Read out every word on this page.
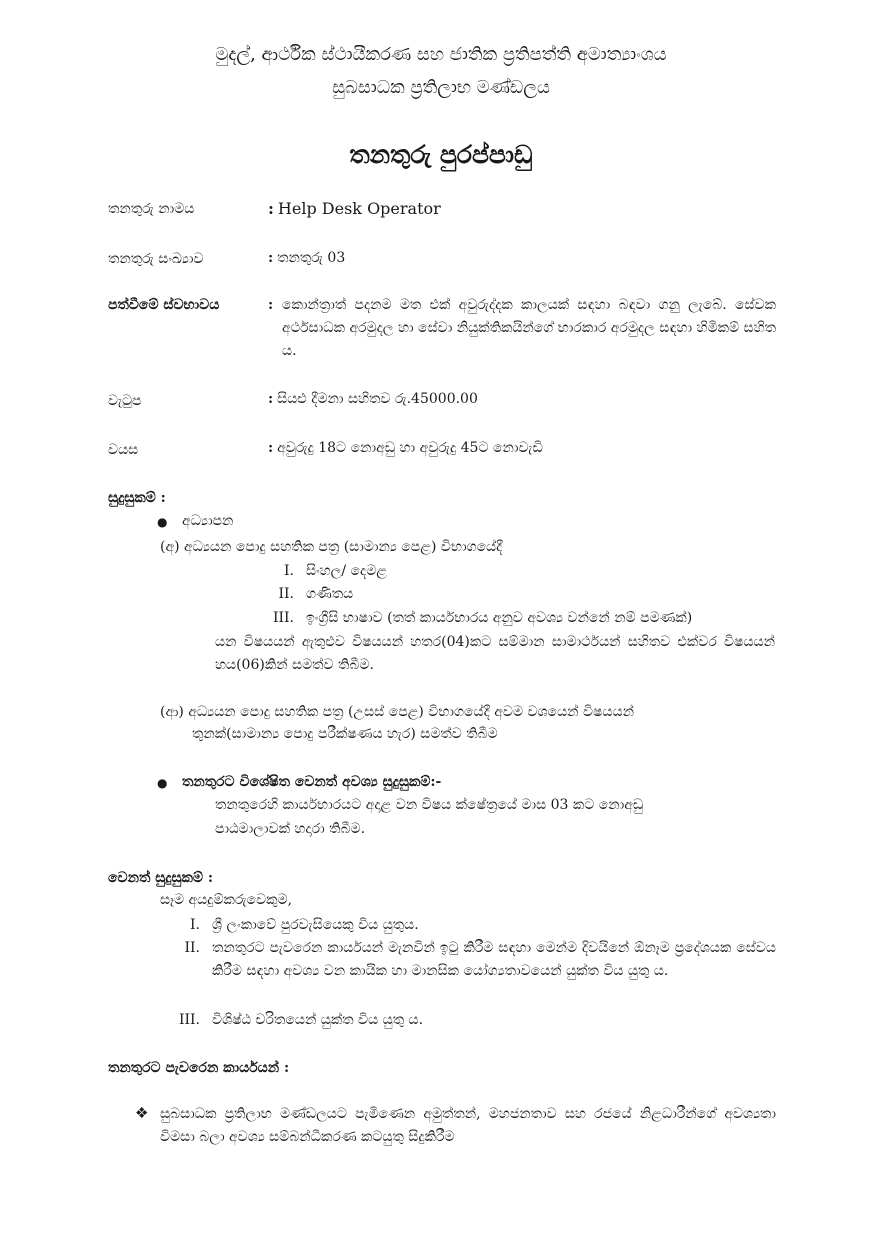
මුදල්, ආර්ථික ස්ථායීකරණ සහ ජාතික ප්‍රතිපත්ති අමාත්‍යාංශය
සුබසාධක ප්‍රතිලාභ මණ්ඩලය
තනතුරු පුරප්පාඩු
තනතුරු නාමය	: Help Desk Operator
තනතුරු සංඛ්‍යාව	: තනතුරු 03
පත්වීමේ ස්වභාවය	: කොන්ත්‍රාත් පදනම මත එක් අවුරුද්දක කාලයක් සඳහා බඳවා ගනු ලැබේ. සේවක අර්ථසාධක අරමුදල හා සේවා නියුක්තිකයින්ගේ භාරකාර අරමුදල සඳහා හිමිකම් සහිත ය.
වැටුප	: සියළු දීමනා සහිතව රු.45000.00
වයස	: අවුරුදු 18ට නොඅඩු හා අවුරුදු 45ට නොවැඩි
සුදුසුකම් :
● අධ්‍යාපන
(අ) අධ්‍යයන පොදු සහතික පත්‍ර (සාමාන්‍ය පෙළ) විභාගයේදී
I. සිංහල/ දෙමළ
II. ගණිතය
III. ඉංග්‍රීසි භාෂාව (තත් කාර්යභාරය අනුව අවශ්‍ය වන්නේ නම් පමණක්)
යන විෂයයන් ඇතුළුව විෂයයන් හතර(04)කට සම්මාන සාමාර්ථයන් සහිතව එක්වර විෂයයන් හය(06)කින් සමත්ව තිබීම.
(ආ) අධ්‍යයන පොදු සහතික පත්‍ර (උසස් පෙළ) විභාගයේදී අවම වශයෙන් විෂයයන්
තුනක්(සාමාන්‍ය පොදු පරීක්ෂණය හැර) සමත්ව තිබීම
● තනතුරට විශේෂිත වෙනත් අවශ්‍ය සුදුසුකම්:-
තනතුරෙහි කාර්යභාරයට අදාළ වන විෂය ක්ෂේත්‍රයේ මාස 03 කට නොඅඩු
පාඨමාලාවක් හදාරා තිබීම.
වෙනත් සුදුසුකම් :
සෑම අයදුම්කරුවෙකුම,
I. ශ්‍රී ලංකාවේ පුරවැසියෙකු විය යුතුය.
II. තනතුරට පැවරෙන කාර්යයන් මැනවින් ඉටු කිරීම සඳහා මෙන්ම දිවයිනේ ඕනෑම ප්‍රදේශයක සේවය කිරීම සඳහා අවශ්‍ය වන කායික හා මානසික යෝග්‍යතාවයෙන් යුක්ත විය යුතු ය.
III. විශිෂ්ඨ චරිතයෙන් යුක්ත විය යුතු ය.
තනතුරට පැවරෙන කාර්යයන් :
❖ සුබසාධක ප්‍රතිලාභ මණ්ඩලයට පැමිණෙන අමුත්තන්, මහජනතාව සහ රජයේ නිළධාරීන්ගේ අවශ්‍යතා විමසා බලා අවශ්‍ය සම්බන්ධීකරණ කටයුතු සිදුකිරීම
